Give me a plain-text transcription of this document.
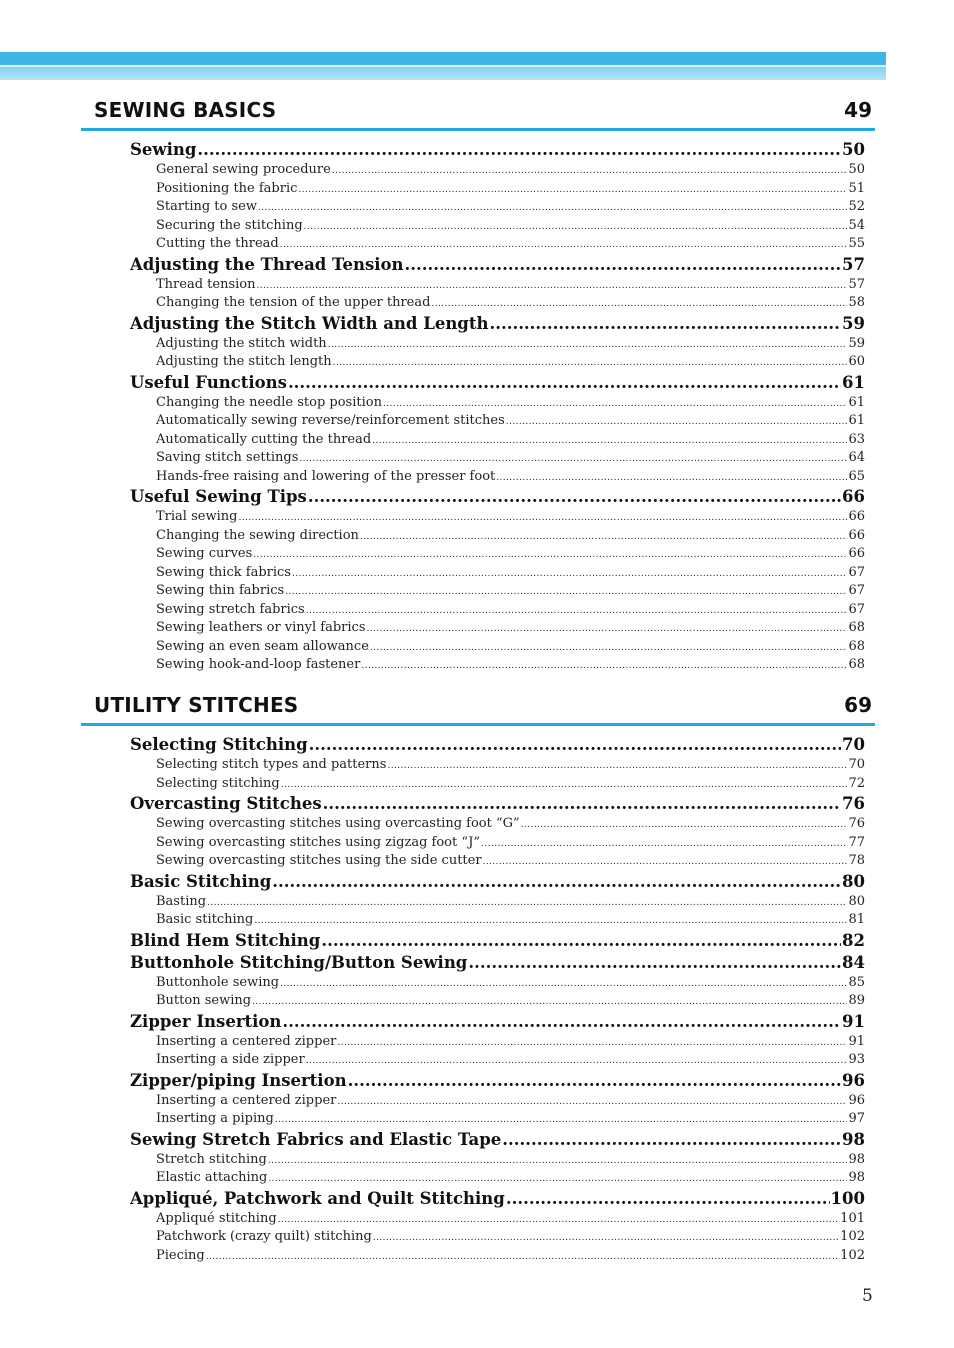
SEWING BASICS	49
Sewing .....	50
General sewing procedure .....	50
Positioning the fabric .....	51
Starting to sew .....	52
Securing the stitching .....	54
Cutting the thread .....	55
Adjusting the Thread Tension .....	57
Thread tension .....	57
Changing the tension of the upper thread .....	58
Adjusting the Stitch Width and Length .....	59
Adjusting the stitch width .....	59
Adjusting the stitch length .....	60
Useful Functions .....	61
Changing the needle stop position .....	61
Automatically sewing reverse/reinforcement stitches .....	61
Automatically cutting the thread .....	63
Saving stitch settings .....	64
Hands-free raising and lowering of the presser foot .....	65
Useful Sewing Tips .....	66
Trial sewing .....	66
Changing the sewing direction .....	66
Sewing curves .....	66
Sewing thick fabrics .....	67
Sewing thin fabrics .....	67
Sewing stretch fabrics .....	67
Sewing leathers or vinyl fabrics .....	68
Sewing an even seam allowance .....	68
Sewing hook-and-loop fastener .....	68
UTILITY STITCHES	69
Selecting Stitching .....	70
Selecting stitch types and patterns .....	70
Selecting stitching .....	72
Overcasting Stitches .....	76
Sewing overcasting stitches using overcasting foot “G” .....	76
Sewing overcasting stitches using zigzag foot “J” .....	77
Sewing overcasting stitches using the side cutter .....	78
Basic Stitching .....	80
Basting .....	80
Basic stitching .....	81
Blind Hem Stitching .....	82
Buttonhole Stitching/Button Sewing .....	84
Buttonhole sewing .....	85
Button sewing .....	89
Zipper Insertion .....	91
Inserting a centered zipper .....	91
Inserting a side zipper .....	93
Zipper/piping Insertion .....	96
Inserting a centered zipper .....	96
Inserting a piping .....	97
Sewing Stretch Fabrics and Elastic Tape .....	98
Stretch stitching .....	98
Elastic attaching .....	98
Appliqué, Patchwork and Quilt Stitching .....	100
Appliqué stitching .....	101
Patchwork (crazy quilt) stitching .....	102
Piecing .....	102
5
